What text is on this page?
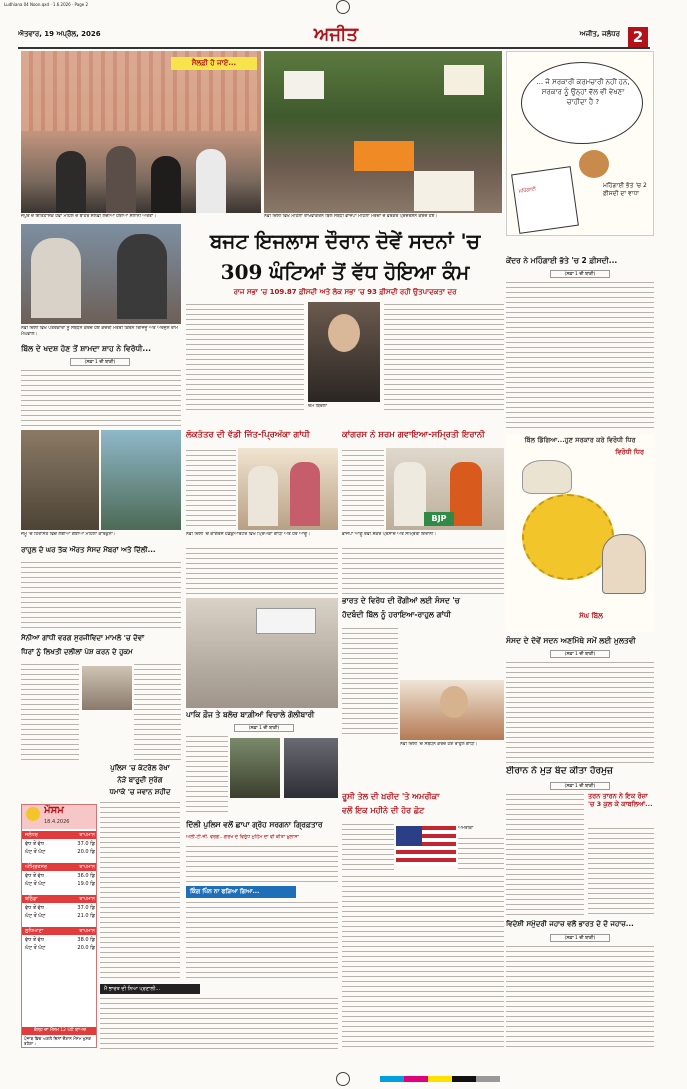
Ludhiana 04 Noon.qxd · 1.6.2026 · Page 2
ਐਤਵਾਰ, 19 ਅਪ੍ਰੈਲ, 2026	ਅਜੀਤ	ਅਜੀਤ, ਜਲੰਧਰ 2
ਸੈਲਫ਼ੀ ਹੋ ਜਾਏ...
ਜੈਪੁਰ ਦੇ ਇਤਿਹਾਸਕ ਹਵਾ ਮਹਿਲ ਦੇ ਬਾਹਰ ਸੈਲਫ਼ੀ ਲੈਂਦੀਆਂ ਹੋਈਆਂ ਸੈਲਾਨੀ ਔਰਤਾਂ।	ਨਵੀਂ ਦਿੱਲੀ ਵਿਖੇ ਮਹਿਲਾ ਰਾਖਵਾਂਕਰਨ ਬਿੱਲ ਸਬੰਧੀ ਭਾਜਪਾ ਮਹਿਲਾ ਮੋਰਚਾ ਦੇ ਵਰਕਰ ਪ੍ਰਦਰਸ਼ਨ ਕਰਦੇ ਹੋਏ।
... ਜੋ ਸਰਕਾਰੀ ਕਰਮਚਾਰੀ ਨਹੀਂ ਹਨ, ਸਰਕਾਰ ਨੂੰ ਉਨ੍ਹਾਂ ਵੱਲ ਵੀ ਵੇਖਣਾ ਚਾਹੀਦਾ ਹੈ ?
ਮਹਿੰਗਾਈ
ਮਹਿੰਗਾਈ ਭੱਤੇ 'ਚ 2 ਫ਼ੀਸਦੀ ਦਾ ਵਾਧਾ
ਨਵੀਂ ਦਿੱਲੀ ਵਿਖੇ ਪੱਤਰਕਾਰਾਂ ਨੂੰ ਸੰਬੋਧਨ ਕਰਦੇ ਹੋਏ ਕੇਂਦਰੀ ਮੰਤਰੀ ਕਿਰਨ ਰਿਜਿਜੂ ਅਤੇ ਅਰਜੁਨ ਰਾਮ ਮੇਘਵਾਲ।
ਬਜਟ ਇਜਲਾਸ ਦੌਰਾਨ ਦੋਵੇਂ ਸਦਨਾਂ 'ਚ
309 ਘੰਟਿਆਂ ਤੋਂ ਵੱਧ ਹੋਇਆ ਕੰਮ
ਰਾਜ ਸਭਾ 'ਚ 109.87 ਫ਼ੀਸਦੀ ਅਤੇ ਲੋਕ ਸਭਾ 'ਚ 93 ਫ਼ੀਸਦੀ ਰਹੀ ਉਤਪਾਦਕਤਾ ਦਰ
ਓਮ ਬਿਰਲਾ
ਕੇਂਦਰ ਨੇ ਮਹਿੰਗਾਈ ਭੱਤੇ 'ਚ 2 ਫ਼ੀਸਦੀ...
(ਸਫ਼ਾ 1 ਦੀ ਬਾਕੀ)
ਬਿੱਲ ਦੇ ਖਦਸ਼ ਹੋਣ ਤੋਂ ਸ਼ਾਮਦਾ ਸ਼ਾਹ ਨੇ ਵਿਰੋਧੀ...
(ਸਫ਼ਾ 1 ਦੀ ਬਾਕੀ)
ਜੰਮੂ 'ਚ ਹਿਰਾਸਤ ਵਿਚ ਲਈਆਂ ਗਈਆਂ ਮਹਿਲਾ ਕਾਰਕੁੰਨਾਂ।
ਰਾਹੁਲ ਦੇ ਘਰ ਤੱਕ ਔਰਤ ਸੰਸਦ ਮੈਂਬਰਾਂ ਅਤੇ ਦਿੱਲੀ...
ਲੋਕਤੰਤਰ ਦੀ ਵੱਡੀ ਜਿੱਤ-ਪ੍ਰਿਅੰਕਾ ਗਾਂਧੀ
ਨਵੀਂ ਦਿੱਲੀ 'ਚ ਕਾਂਗਰਸ ਹੈੱਡਕੁਆਰਟਰ ਵਿਖੇ ਪ੍ਰਿਅੰਕਾ ਗਾਂਧੀ ਅਤੇ ਹੋਰ ਆਗੂ।
ਕਾਂਗਰਸ ਨੇ ਸ਼ਰਮ ਗਵਾਇਆ-ਸਮ੍ਰਿਤੀ ਇਰਾਨੀ
BJP
ਭਾਜਪਾ ਆਗੂ ਰਵੀ ਸ਼ੰਕਰ ਪ੍ਰਸਾਦ ਅਤੇ ਸਮ੍ਰਿਤੀ ਇਰਾਨੀ।
ਬਿੱਲ ਡਿੱਗਿਆ...ਹੁਣ ਸਰਕਾਰ ਕਰੇ ਵਿਰੋਧੀ ਧਿਰ
ਵਿਰੋਧੀ ਧਿਰ
ਸੰਘ ਬਿੱਲ
ਸੰਸਦ ਦੇ ਦੋਵੇਂ ਸਦਨ ਅਣਮਿੱਥੇ ਸਮੇਂ ਲਈ ਮੁਲਤਵੀ
(ਸਫ਼ਾ 1 ਦੀ ਬਾਕੀ)
ਸੋਨੀਆ ਗਾਂਧੀ ਵਰਗ ਸੁਰਜੀਵਿਦਾ ਮਾਮਲੇ 'ਚ ਦੋਵਾਂ
ਧਿਰਾਂ ਨੂੰ ਲਿਖਤੀ ਦਲੀਲਾਂ ਪੇਸ਼ ਕਰਨ ਦੇ ਹੁਕਮ
ਭਾਰਤ ਦੇ ਵਿਰੋਧ ਦੀ ਰੌਂਗੀਆਂ ਲਈ ਸੰਸਦ 'ਚ
ਹੱਦਬੰਦੀ ਬਿੱਲ ਨੂੰ ਹਰਾਇਆ-ਰਾਹੁਲ ਗਾਂਧੀ
ਨਵੀਂ ਦਿੱਲੀ 'ਚ ਸੰਬੋਧਨ ਕਰਦੇ ਹੋਏ ਰਾਹੁਲ ਗਾਂਧੀ।
ਪਾਕਿ ਫ਼ੌਜ ਤੇ ਬਲੋਚ ਬਾਗ਼ੀਆਂ ਵਿਚਾਲੇ ਗੋਲੀਬਾਰੀ
(ਸਫ਼ਾ 1 ਦੀ ਬਾਕੀ)
ਪੁਲਿਸ 'ਚ ਕੰਟਰੋਲ ਰੇਖਾ
ਨੇੜੇ ਬਾਰੂਦੀ ਸੁਰੰਗ
ਧਮਾਕੇ 'ਚ ਜਵਾਨ ਸ਼ਹੀਦ
ਮੌਸਮ
18.4.2026
ਜਲੰਧਰ	ਤਾਪਮਾਨ
ਵੱਧ ਤੋਂ ਵੱਧ	37.0 ਡਿ
ਘੱਟ ਤੋਂ ਘੱਟ	20.0 ਡਿ
ਅੰਮ੍ਰਿਤਸਰ	ਤਾਪਮਾਨ
ਵੱਧ ਤੋਂ ਵੱਧ	36.0 ਡਿ
ਘੱਟ ਤੋਂ ਘੱਟ	19.0 ਡਿ
ਬਠਿੰਡਾ	ਤਾਪਮਾਨ
ਵੱਧ ਤੋਂ ਵੱਧ	37.0 ਡਿ
ਘੱਟ ਤੋਂ ਘੱਟ	21.0 ਡਿ
ਲੁਧਿਆਣਾ	ਤਾਪਮਾਨ
ਵੱਧ ਤੋਂ ਵੱਧ	38.0 ਡਿ
ਘੱਟ ਤੋਂ ਘੱਟ	20.0 ਡਿ
ਕੱਲ੍ਹ ਦਾ ਮੌਸਮ 12 ਘੰਟੇ ਬਾਅਦ
ਪੰਜਾਬ ਵਿਚ ਅਗਲੇ ਦਿਨਾਂ ਦੌਰਾਨ ਮੌਸਮ ਖੁਸ਼ਕ ਰਹੇਗਾ।
ਦਿੱਲੀ ਪੁਲਿਸ ਵਲੋਂ ਛਾਪਾ ਗ੍ਰੋਹ ਸਰਗਨਾ ਗ੍ਰਿਫ਼ਤਾਰ
ਅਲੀ.ਟੀ.ਜੀ. ਵਰਗ...ਗੋਰਖ ਦੇ ਵਿਰੁੱਧ ਮੁਹਿੰਮ ਦਾ ਵੀ ਕੀਤਾ ਖ਼ੁਲਾਸਾ
ਕਿੰਗ ਪਿੰਨ ਨਾ ਫੜਿਆ ਗਿਆ...
ਮੈਂ ਭਾਰਤ ਦੀ ਨਿਆ ਪ੍ਰਣਾਲੀ...
ਰੂਸੀ ਤੇਲ ਦੀ ਖ਼ਰੀਦ 'ਤੇ ਅਮਰੀਕਾ
ਵਲੋਂ ਇਕ ਮਹੀਨੇ ਦੀ ਹੋਰ ਛੋਟ
ਅਮਰੀਕਾ
ਈਰਾਨ ਨੇ ਮੁੜ ਬੰਦ ਕੀਤਾ ਹੋਰਮੁਜ਼
(ਸਫ਼ਾ 1 ਦੀ ਬਾਕੀ)
ਤਰਨ ਤਾਰਨ ਨੇ ਇਕ ਰੋਜ਼ਾ 'ਚ 3 ਕੁਲ ਕੇ ਕਾਬਲਿਆਂ...
ਵਿਦੇਸ਼ੀ ਸਮੁੰਦਰੀ ਜਹਾਜ਼ ਵਲੋਂ ਭਾਰਤ ਦੇ ਦੋ ਜਹਾਜ਼...
(ਸਫ਼ਾ 1 ਦੀ ਬਾਕੀ)
